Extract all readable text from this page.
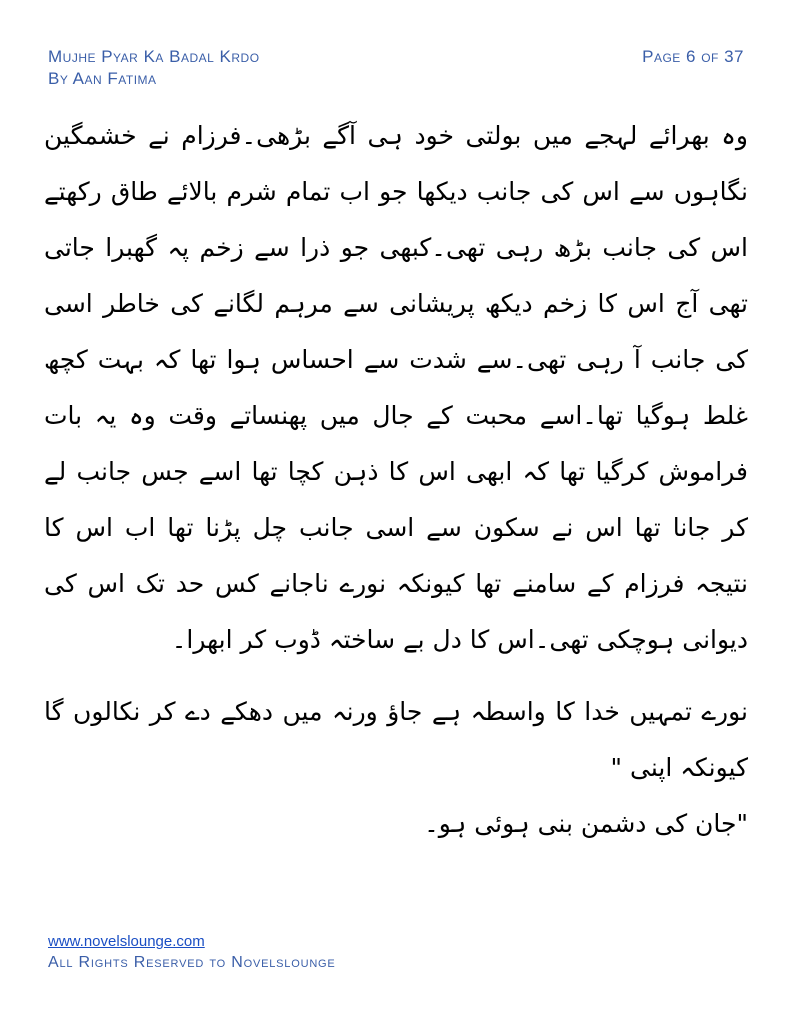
Mujhe Pyar Ka Badal Krdo
By Aan Fatima
Page 6 of 37

وہ بھرائے لہجے میں بولتی خود ہی آگے بڑھی۔فرزام نے خشمگین نگاہوں سے اس کی جانب دیکھا جو اب تمام شرم بالائے طاق رکھتے اس کی جانب بڑھ رہی تھی۔کبھی جو ذرا سے زخم پہ گھبرا جاتی تھی آج اس کا زخم دیکھ پریشانی سے مرہم لگانے کی خاطر اسی کی جانب آ رہی تھی۔سے شدت سے احساس ہوا تھا کہ بہت کچھ غلط ہوگیا تھا۔اسے محبت کے جال میں پھنساتے وقت وہ یہ بات فراموش کرگیا تھا کہ ابھی اس کا ذہن کچا تھا اسے جس جانب لے کر جانا تھا اس نے سکون سے اسی جانب چل پڑنا تھا اب اس کا نتیجہ فرزام کے سامنے تھا کیونکہ نورے ناجانے کس حد تک اس کی دیوانی ہوچکی تھی۔اس کا دل بے ساختہ ڈوب کر ابھرا۔

نورے تمہیں خدا کا واسطہ ہے جاؤ ورنہ میں دھکے دے کر نکالوں گا کیونکہ اپنی "

"جان کی دشمن بنی ہوئی ہو۔

www.novelslounge.com
All Rights Reserved to Novelslounge
